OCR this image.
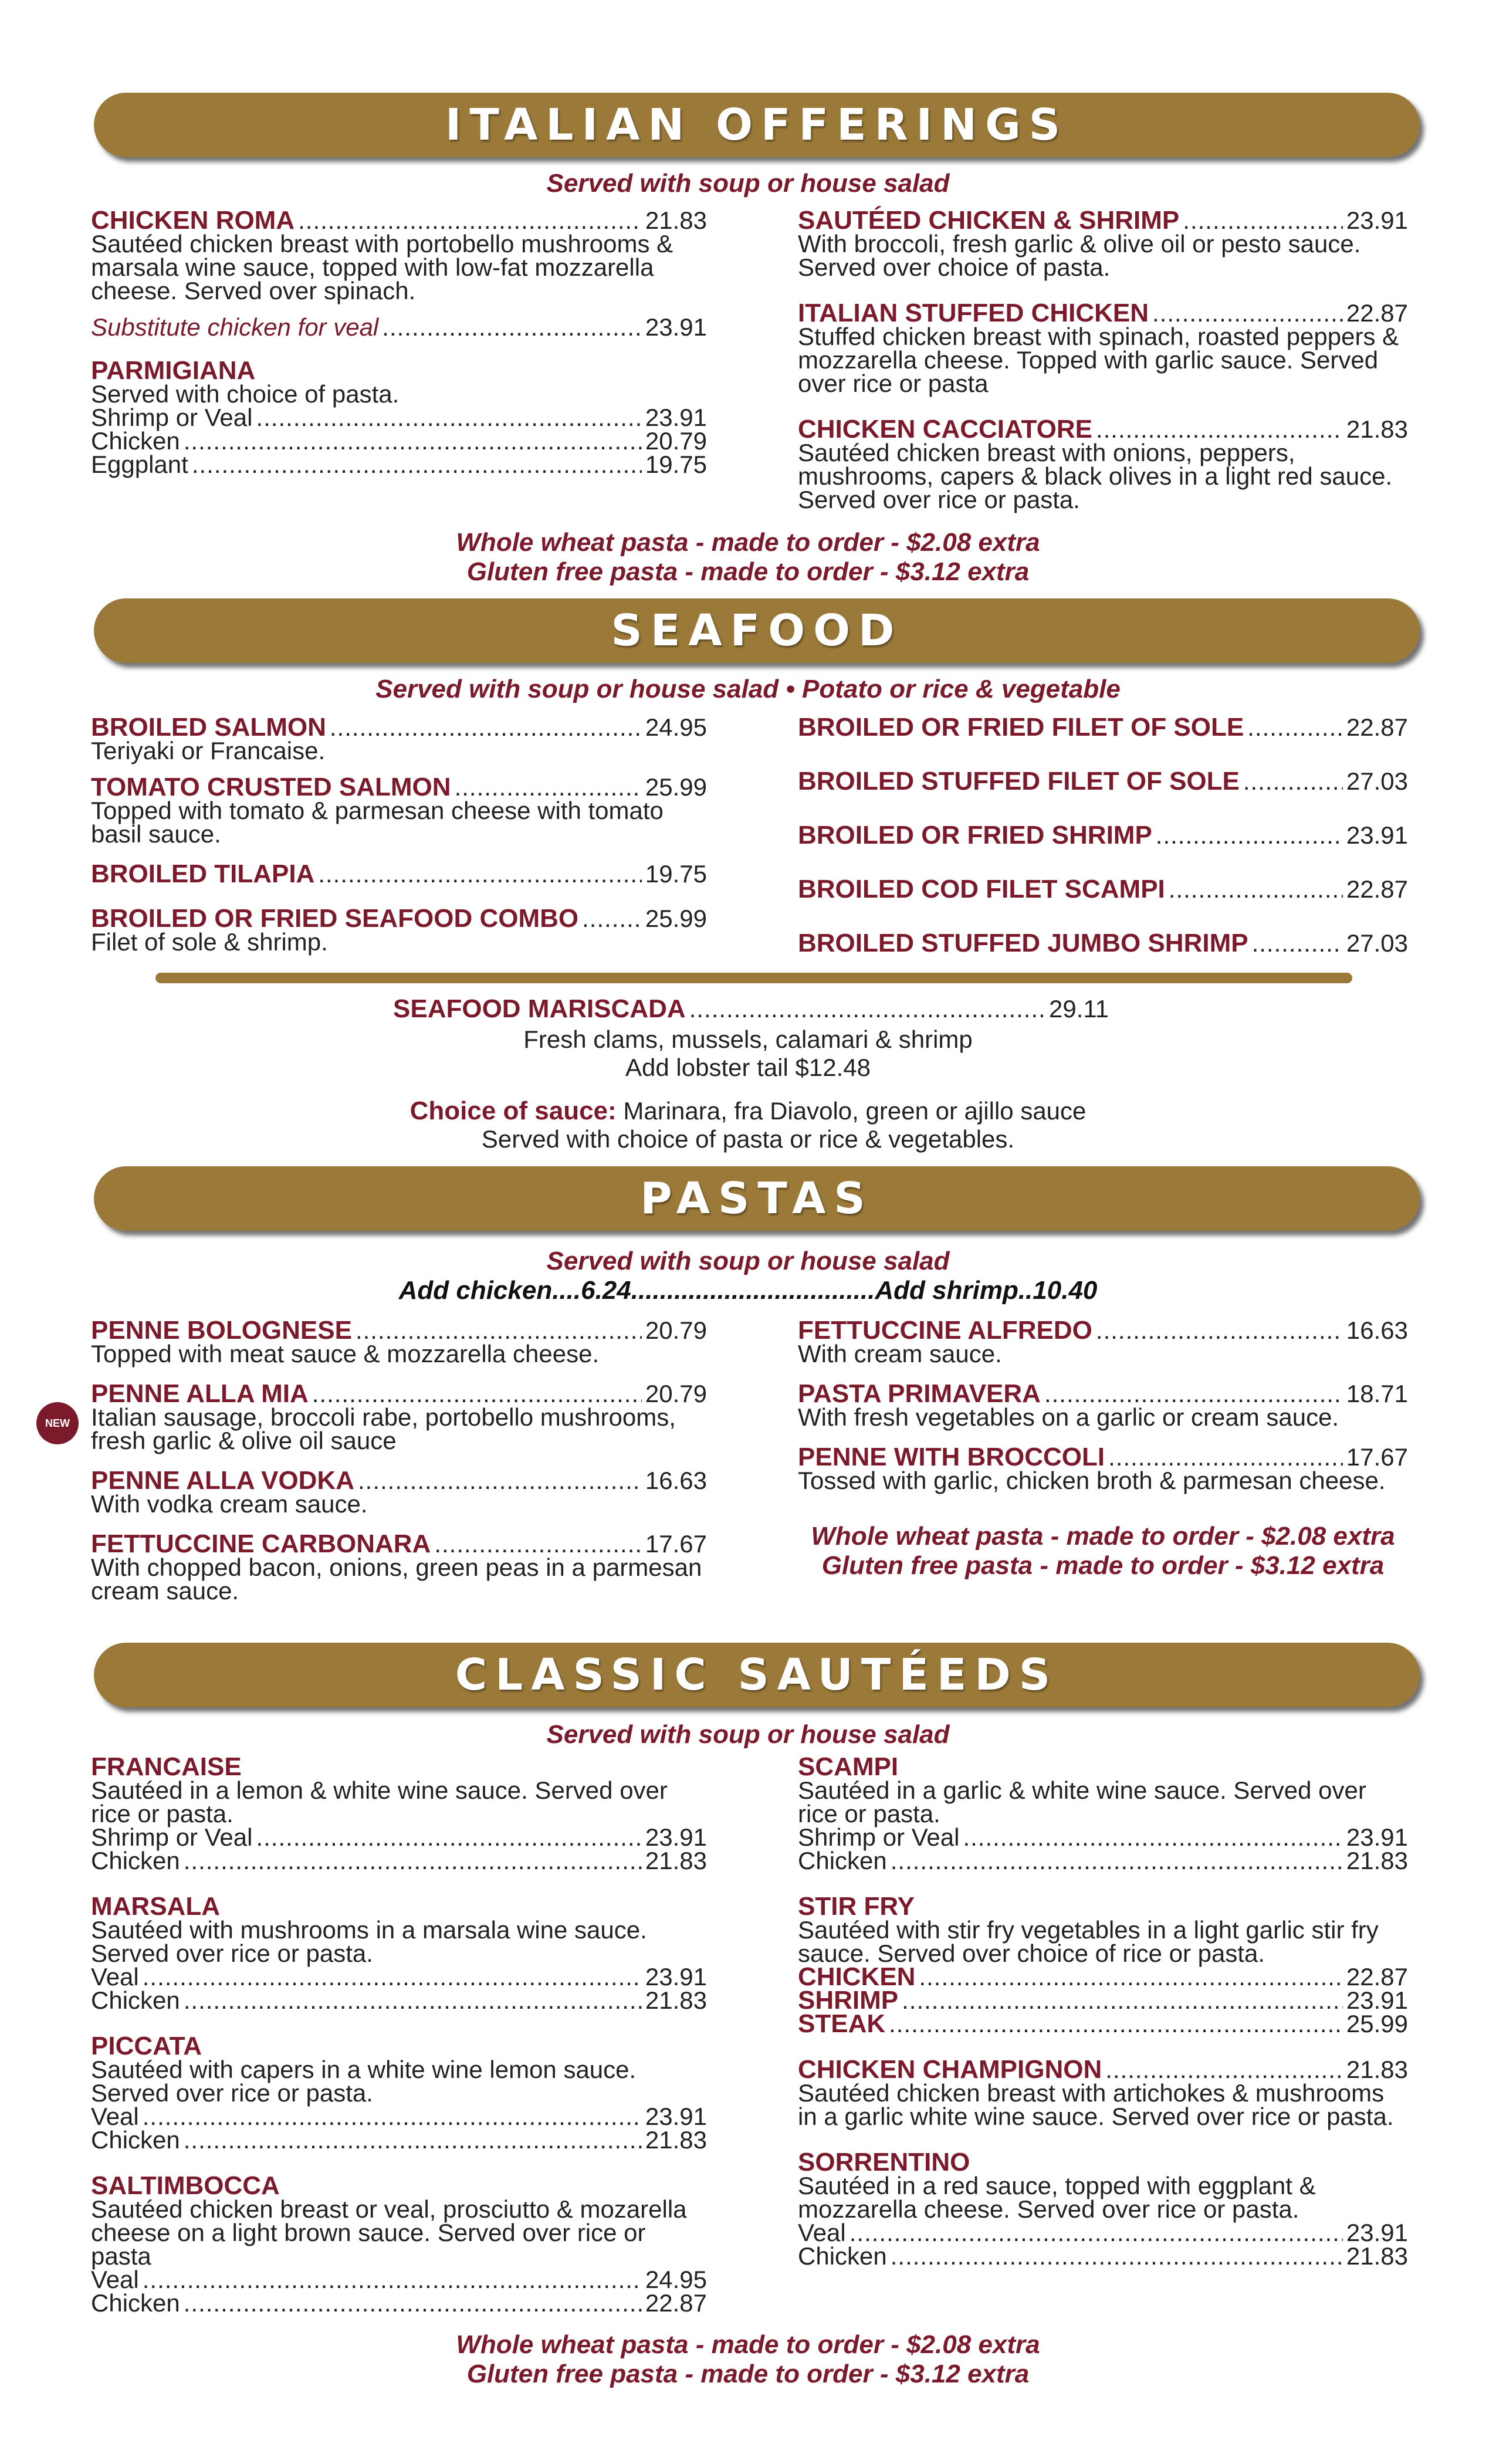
ITALIAN OFFERINGS

Served with soup or house salad

CHICKEN ROMA .....	21.83
Sautéed chicken breast with portobello mushrooms & marsala wine sauce, topped with low-fat mozzarella cheese. Served over spinach.
Substitute chicken for veal .....	23.91
PARMIGIANA
Served with choice of pasta.
Shrimp or Veal .....	23.91
Chicken .....	20.79
Eggplant .....	19.75
SAUTÉED CHICKEN & SHRIMP .....	23.91
With broccoli, fresh garlic & olive oil or pesto sauce. Served over choice of pasta.
ITALIAN STUFFED CHICKEN .....	22.87
Stuffed chicken breast with spinach, roasted peppers & mozzarella cheese. Topped with garlic sauce. Served over rice or pasta
CHICKEN CACCIATORE .....	21.83
Sautéed chicken breast with onions, peppers, mushrooms, capers & black olives in a light red sauce. Served over rice or pasta.

Whole wheat pasta - made to order - $2.08 extra

Gluten free pasta - made to order - $3.12 extra

SEAFOOD

Served with soup or house salad • Potato or rice & vegetable

BROILED SALMON .....	24.95
Teriyaki or Francaise.
TOMATO CRUSTED SALMON .....	25.99
Topped with tomato & parmesan cheese with tomato basil sauce.
BROILED TILAPIA .....	19.75
BROILED OR FRIED SEAFOOD COMBO .....	25.99
Filet of sole & shrimp.
BROILED OR FRIED FILET OF SOLE .....	22.87
BROILED STUFFED FILET OF SOLE .....	27.03
BROILED OR FRIED SHRIMP .....	23.91
BROILED COD FILET SCAMPI .....	22.87
BROILED STUFFED JUMBO SHRIMP .....	27.03
SEAFOOD MARISCADA .....	29.11
Fresh clams, mussels, calamari & shrimp
Add lobster tail $12.48
Choice of sauce: Marinara, fra Diavolo, green or ajillo sauce
Served with choice of pasta or rice & vegetables.
PASTAS

Served with soup or house salad

Add chicken....6.24..................................Add shrimp..10.40

NEW
PENNE BOLOGNESE .....	20.79
Topped with meat sauce & mozzarella cheese.
PENNE ALLA MIA .....	20.79
Italian sausage, broccoli rabe, portobello mushrooms, fresh garlic & olive oil sauce
PENNE ALLA VODKA .....	16.63
With vodka cream sauce.
FETTUCCINE CARBONARA .....	17.67
With chopped bacon, onions, green peas in a parmesan cream sauce.
FETTUCCINE ALFREDO .....	16.63
With cream sauce.
PASTA PRIMAVERA .....	18.71
With fresh vegetables on a garlic or cream sauce.
PENNE WITH BROCCOLI .....	17.67
Tossed with garlic, chicken broth & parmesan cheese.
Whole wheat pasta - made to order - $2.08 extra
Gluten free pasta - made to order - $3.12 extra
CLASSIC SAUTÉEDS

Served with soup or house salad

FRANCAISE
Sautéed in a lemon & white wine sauce. Served over rice or pasta.
Shrimp or Veal .....	23.91
Chicken .....	21.83
MARSALA
Sautéed with mushrooms in a marsala wine sauce. Served over rice or pasta.
Veal .....	23.91
Chicken .....	21.83
PICCATA
Sautéed with capers in a white wine lemon sauce. Served over rice or pasta.
Veal .....	23.91
Chicken .....	21.83
SALTIMBOCCA
Sautéed chicken breast or veal, prosciutto & mozarella cheese on a light brown sauce. Served over rice or pasta
Veal .....	24.95
Chicken .....	22.87
SCAMPI
Sautéed in a garlic & white wine sauce. Served over rice or pasta.
Shrimp or Veal .....	23.91
Chicken .....	21.83
STIR FRY
Sautéed with stir fry vegetables in a light garlic stir fry sauce. Served over choice of rice or pasta.
CHICKEN .....	22.87
SHRIMP .....	23.91
STEAK .....	25.99
CHICKEN CHAMPIGNON .....	21.83
Sautéed chicken breast with artichokes & mushrooms in a garlic white wine sauce. Served over rice or pasta.
SORRENTINO
Sautéed in a red sauce, topped with eggplant & mozzarella cheese. Served over rice or pasta.
Veal .....	23.91
Chicken .....	21.83

Whole wheat pasta - made to order - $2.08 extra

Gluten free pasta - made to order - $3.12 extra
